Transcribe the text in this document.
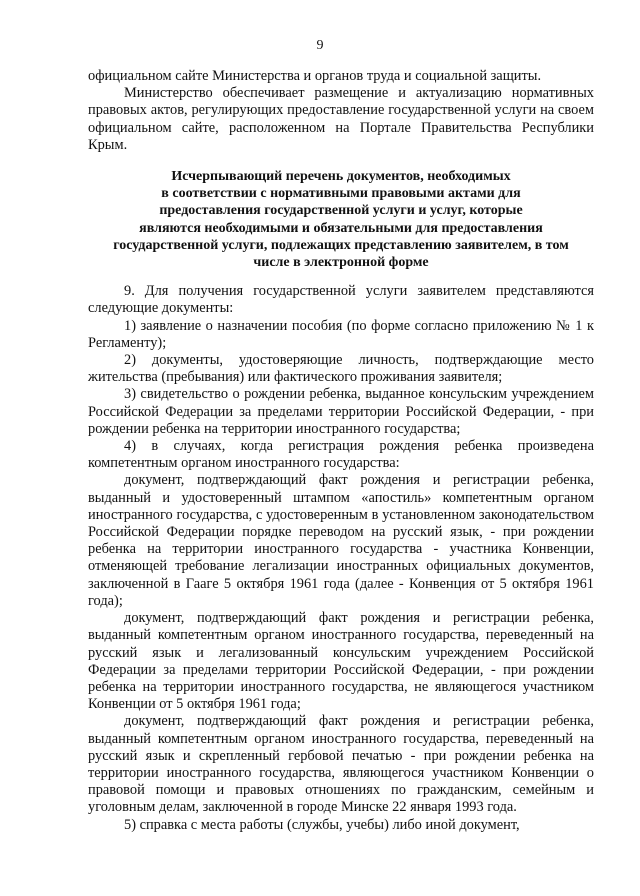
9

официальном сайте Министерства и органов труда и социальной защиты.

Министерство обеспечивает размещение и актуализацию нормативных правовых актов, регулирующих предоставление государственной услуги на своем официальном сайте, расположенном на Портале Правительства Республики Крым.

Исчерпывающий перечень документов, необходимых
в соответствии с нормативными правовыми актами для
предоставления государственной услуги и услуг, которые
являются необходимыми и обязательными для предоставления
государственной услуги, подлежащих представлению заявителем, в том
числе в электронной форме

9. Для получения государственной услуги заявителем представляются следующие документы:

1) заявление о назначении пособия (по форме согласно приложению № 1 к Регламенту);

2) документы, удостоверяющие личность, подтверждающие место жительства (пребывания) или фактического проживания заявителя;

3) свидетельство о рождении ребенка, выданное консульским учреждением Российской Федерации за пределами территории Российской Федерации, - при рождении ребенка на территории иностранного государства;

4) в случаях, когда регистрация рождения ребенка произведена компетентным органом иностранного государства:

документ, подтверждающий факт рождения и регистрации ребенка, выданный и удостоверенный штампом «апостиль» компетентным органом иностранного государства, с удостоверенным в установленном законодательством Российской Федерации порядке переводом на русский язык, - при рождении ребенка на территории иностранного государства - участника Конвенции, отменяющей требование легализации иностранных официальных документов, заключенной в Гааге 5 октября 1961 года (далее - Конвенция от 5 октября 1961 года);

документ, подтверждающий факт рождения и регистрации ребенка, выданный компетентным органом иностранного государства, переведенный на русский язык и легализованный консульским учреждением Российской Федерации за пределами территории Российской Федерации, - при рождении ребенка на территории иностранного государства, не являющегося участником Конвенции от 5 октября 1961 года;

документ, подтверждающий факт рождения и регистрации ребенка, выданный компетентным органом иностранного государства, переведенный на русский язык и скрепленный гербовой печатью - при рождении ребенка на территории иностранного государства, являющегося участником Конвенции о правовой помощи и правовых отношениях по гражданским, семейным и уголовным делам, заключенной в городе Минске 22 января 1993 года.

5) справка с места работы (службы, учебы) либо иной документ,
